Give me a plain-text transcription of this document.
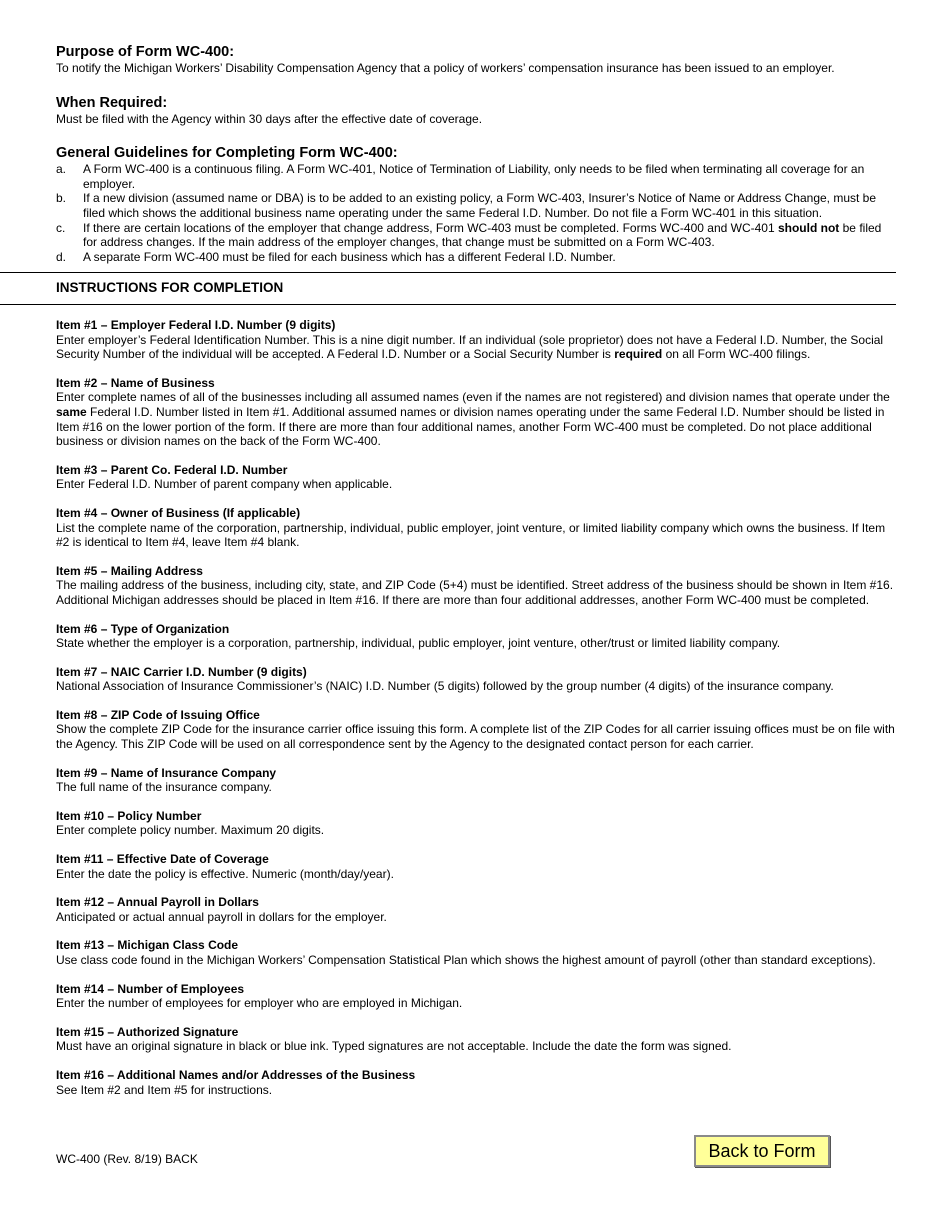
Purpose of Form WC-400:

To notify the Michigan Workers’ Disability Compensation Agency that a policy of workers’ compensation insurance has been issued to an employer.

When Required:

Must be filed with the Agency within 30 days after the effective date of coverage.

General Guidelines for Completing Form WC-400:
a.	A Form WC-400 is a continuous filing. A Form WC-401, Notice of Termination of Liability, only needs to be filed when terminating all coverage for an employer.
b.	If a new division (assumed name or DBA) is to be added to an existing policy, a Form WC-403, Insurer’s Notice of Name or Address Change, must be filed which shows the additional business name operating under the same Federal I.D. Number. Do not file a Form WC-401 in this situation.
c.	If there are certain locations of the employer that change address, Form WC-403 must be completed. Forms WC-400 and WC-401 should not be filed for address changes. If the main address of the employer changes, that change must be submitted on a Form WC-403.
d.	A separate Form WC-400 must be filed for each business which has a different Federal I.D. Number.
INSTRUCTIONS FOR COMPLETION
Item #1 – Employer Federal I.D. Number (9 digits)
Enter employer’s Federal Identification Number. This is a nine digit number. If an individual (sole proprietor) does not have a Federal I.D. Number, the Social Security Number of the individual will be accepted. A Federal I.D. Number or a Social Security Number is required on all Form WC-400 filings.
Item #2 – Name of Business
Enter complete names of all of the businesses including all assumed names (even if the names are not registered) and division names that operate under the same Federal I.D. Number listed in Item #1. Additional assumed names or division names operating under the same Federal I.D. Number should be listed in Item #16 on the lower portion of the form. If there are more than four additional names, another Form WC-400 must be completed. Do not place additional business or division names on the back of the Form WC-400.
Item #3 – Parent Co. Federal I.D. Number
Enter Federal I.D. Number of parent company when applicable.
Item #4 – Owner of Business (If applicable)
List the complete name of the corporation, partnership, individual, public employer, joint venture, or limited liability company which owns the business. If Item #2 is identical to Item #4, leave Item #4 blank.
Item #5 – Mailing Address
The mailing address of the business, including city, state, and ZIP Code (5+4) must be identified. Street address of the business should be shown in Item #16. Additional Michigan addresses should be placed in Item #16. If there are more than four additional addresses, another Form WC-400 must be completed.
Item #6 – Type of Organization
State whether the employer is a corporation, partnership, individual, public employer, joint venture, other/trust or limited liability company.
Item #7 – NAIC Carrier I.D. Number (9 digits)
National Association of Insurance Commissioner’s (NAIC) I.D. Number (5 digits) followed by the group number (4 digits) of the insurance company.
Item #8 – ZIP Code of Issuing Office
Show the complete ZIP Code for the insurance carrier office issuing this form. A complete list of the ZIP Codes for all carrier issuing offices must be on file with the Agency. This ZIP Code will be used on all correspondence sent by the Agency to the designated contact person for each carrier.
Item #9 – Name of Insurance Company
The full name of the insurance company.
Item #10 – Policy Number
Enter complete policy number. Maximum 20 digits.
Item #11 – Effective Date of Coverage
Enter the date the policy is effective. Numeric (month/day/year).
Item #12 – Annual Payroll in Dollars
Anticipated or actual annual payroll in dollars for the employer.
Item #13 – Michigan Class Code
Use class code found in the Michigan Workers’ Compensation Statistical Plan which shows the highest amount of payroll (other than standard exceptions).
Item #14 – Number of Employees
Enter the number of employees for employer who are employed in Michigan.
Item #15 – Authorized Signature
Must have an original signature in black or blue ink. Typed signatures are not acceptable. Include the date the form was signed.
Item #16 – Additional Names and/or Addresses of the Business
See Item #2 and Item #5 for instructions.
WC-400 (Rev. 8/19) BACK	Back to Form
